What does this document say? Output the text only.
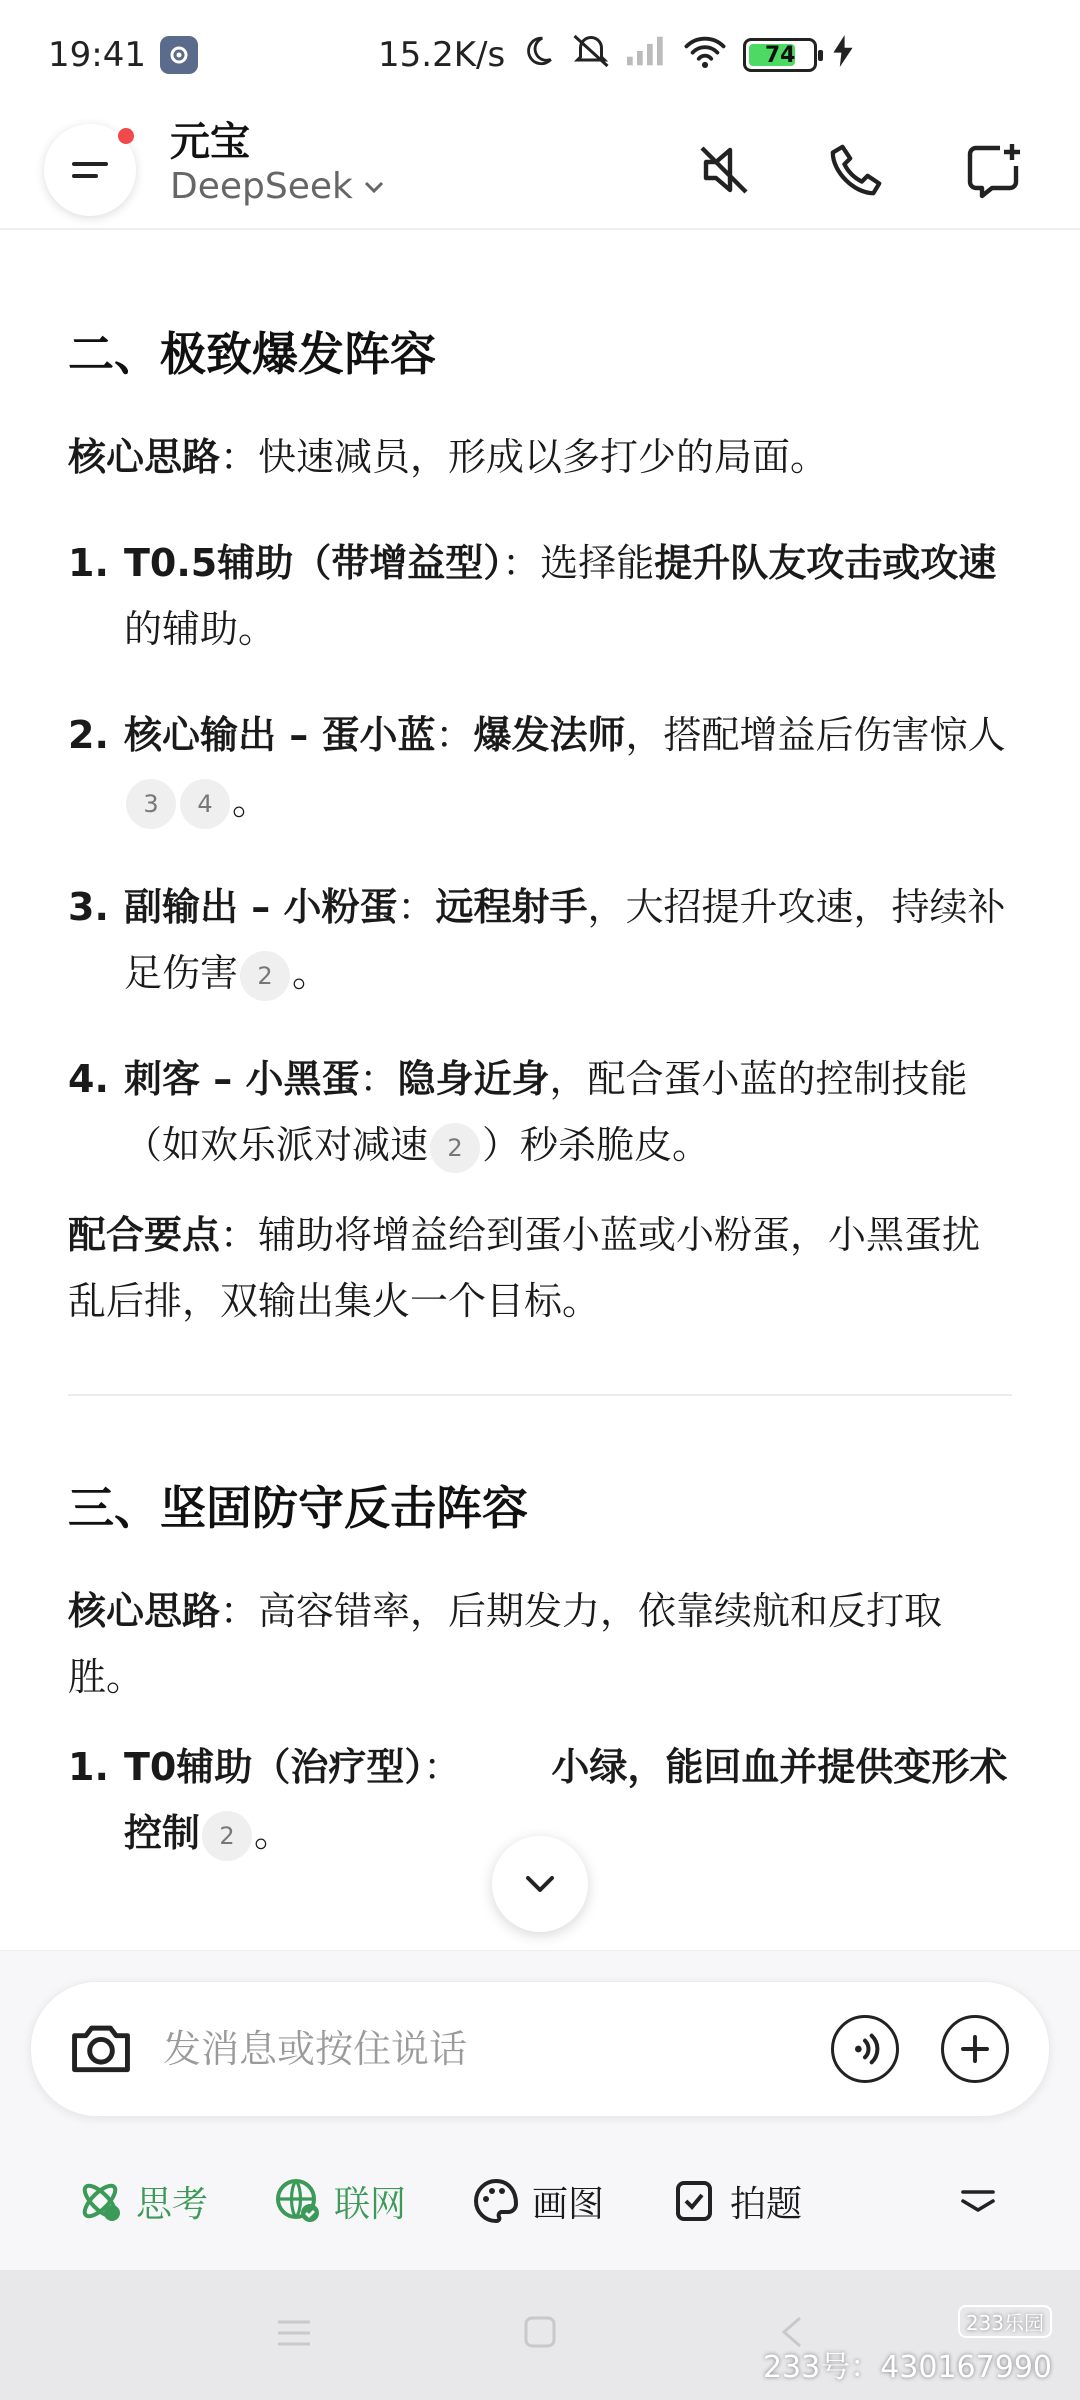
19:41	15.2K/s	74
元宝
DeepSeek
二、极致爆发阵容

核心思路：快速减员，形成以多打少的局面。

1. T0.5辅助（带增益型）：选择能提升队友攻击或攻速的辅助。
2. 核心输出 – 蛋小蓝：爆发法师，搭配增益后伤害惊人3 4 。
3. 副输出 – 小粉蛋：远程射手，大招提升攻速，持续补足伤害 2 。
4. 刺客 – 小黑蛋：隐身近身，配合蛋小蓝的控制技能（如欢乐派对减速 2 ）秒杀脆皮。

配合要点：辅助将增益给到蛋小蓝或小粉蛋，小黑蛋扰乱后排，双输出集火一个目标。

三、坚固防守反击阵容

核心思路：高容错率，后期发力，依靠续航和反打取胜。

1. T0辅助（治疗型）： 小绿，能回血并提供变形术控制 2 。
发消息或按住说话
思考	联网	画图	拍题
233乐园
233号：430167990
